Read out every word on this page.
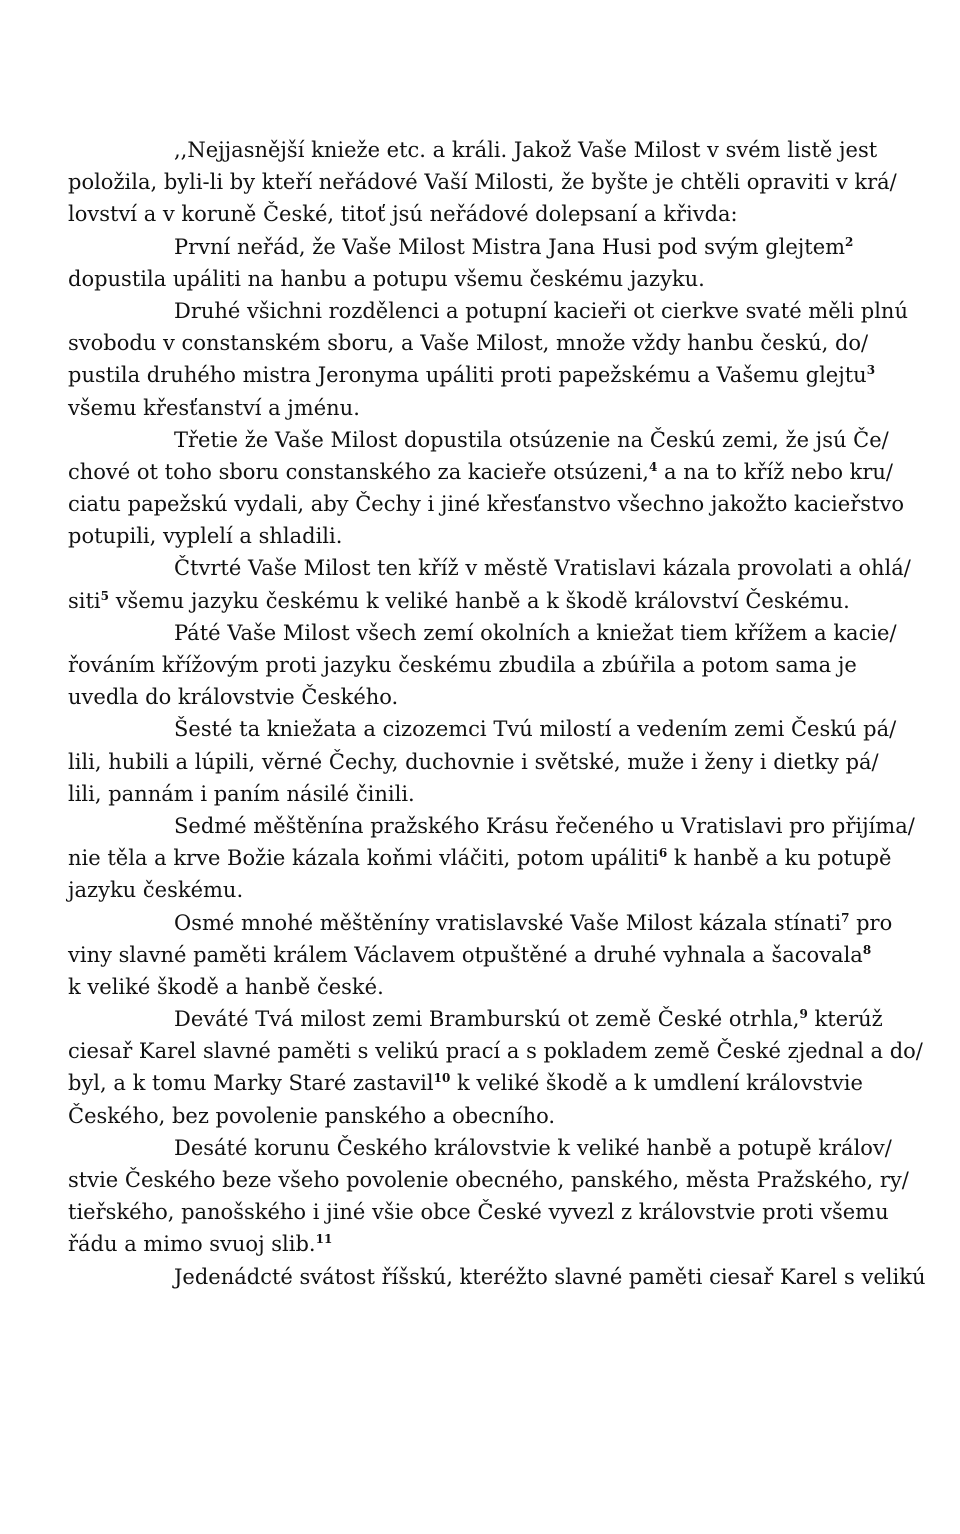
,,Nejjasnější knieže etc. a králi. Jakož Vaše Milost v svém listě jest
položila, byli-li by kteří neřádové Vaší Milosti, že byšte je chtěli opraviti v krá/
lovství a v koruně České, titoť jsú neřádové dolepsaní a křivda:
První neřád, že Vaše Milost Mistra Jana Husi pod svým glejtem$^2$
dopustila upáliti na hanbu a potupu všemu českému jazyku.
Druhé všichni rozdělenci a potupní kacieři ot cierkve svaté měli plnú
svobodu v constanském sboru, a Vaše Milost, množe vždy hanbu českú, do/
pustila druhého mistra Jeronyma upáliti proti papežskému a Vašemu glejtu$^3$
všemu křesťanství a jménu.
Třetie že Vaše Milost dopustila otsúzenie na Českú zemi, že jsú Če/
chové ot toho sboru constanského za kacieře otsúzeni,$^4$ a na to kříž nebo kru/
ciatu papežskú vydali, aby Čechy i jiné křesťanstvo všechno jakožto kacieřstvo
potupili, vyplelí a shladili.
Čtvrté Vaše Milost ten kříž v městě Vratislavi kázala provolati a ohlá/
siti$^5$ všemu jazyku českému k veliké hanbě a k škodě království Českému.
Páté Vaše Milost všech zemí okolních a kniežat tiem křížem a kacie/
řováním křížovým proti jazyku českému zbudila a zbúřila a potom sama je
uvedla do královstvie Českého.
Šesté ta kniežata a cizozemci Tvú milostí a vedením zemi Českú pá/
lili, hubili a lúpili, věrné Čechy, duchovnie i světské, muže i ženy i dietky pá/
lili, pannám i paním násilé činili.
Sedmé měštěnína pražského Krásu řečeného u Vratislavi pro přijíma/
nie těla a krve Božie kázala koňmi vláčiti, potom upáliti$^6$ k hanbě a ku potupě
jazyku českému.
Osmé mnohé měštěníny vratislavské Vaše Milost kázala stínati$^7$ pro
viny slavné paměti králem Václavem otpuštěné a druhé vyhnala a šacovala$^8$
k veliké škodě a hanbě české.
Deváté Tvá milost zemi Bramburskú ot země České otrhla,$^9$ kterúž
ciesař Karel slavné paměti s velikú prací a s pokladem země České zjednal a do/
byl, a k tomu Marky Staré zastavil$^{10}$ k veliké škodě a k umdlení královstvie
Českého, bez povolenie panského a obecního.
Desáté korunu Českého královstvie k veliké hanbě a potupě králov/
stvie Českého beze všeho povolenie obecného, panského, města Pražského, ry/
tieřského, panošského i jiné všie obce České vyvezl z královstvie proti všemu
řádu a mimo svuoj slib.$^{11}$
Jedenádcté svátost říšskú, kteréžto slavné paměti ciesař Karel s velikú
